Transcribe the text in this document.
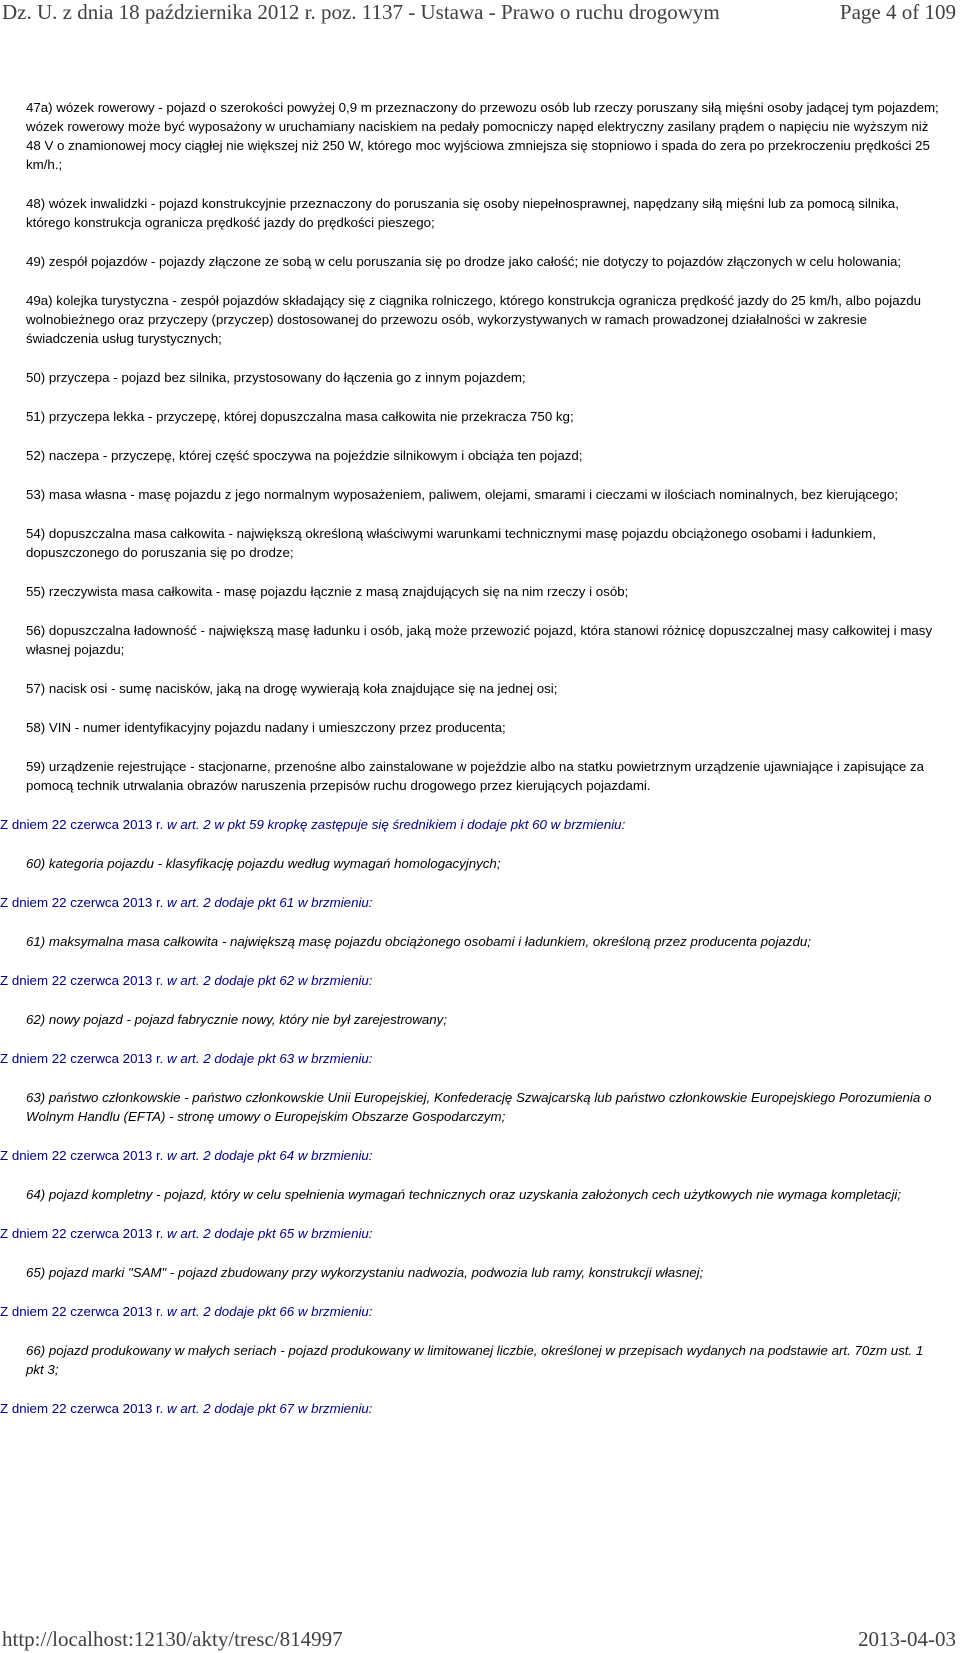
Dz. U. z dnia 18 października 2012 r. poz. 1137 - Ustawa - Prawo o ruchu drogowym	Page 4 of 109

47a) wózek rowerowy - pojazd o szerokości powyżej 0,9 m przeznaczony do przewozu osób lub rzeczy poruszany siłą mięśni osoby jadącej tym pojazdem; wózek rowerowy może być wyposażony w uruchamiany naciskiem na pedały pomocniczy napęd elektryczny zasilany prądem o napięciu nie wyższym niż 48 V o znamionowej mocy ciągłej nie większej niż 250 W, którego moc wyjściowa zmniejsza się stopniowo i spada do zera po przekroczeniu prędkości 25 km/h.;

48) wózek inwalidzki - pojazd konstrukcyjnie przeznaczony do poruszania się osoby niepełnosprawnej, napędzany siłą mięśni lub za pomocą silnika, którego konstrukcja ogranicza prędkość jazdy do prędkości pieszego;

49) zespół pojazdów - pojazdy złączone ze sobą w celu poruszania się po drodze jako całość; nie dotyczy to pojazdów złączonych w celu holowania;

49a) kolejka turystyczna - zespół pojazdów składający się z ciągnika rolniczego, którego konstrukcja ogranicza prędkość jazdy do 25 km/h, albo pojazdu wolnobieżnego oraz przyczepy (przyczep) dostosowanej do przewozu osób, wykorzystywanych w ramach prowadzonej działalności w zakresie świadczenia usług turystycznych;

50) przyczepa - pojazd bez silnika, przystosowany do łączenia go z innym pojazdem;

51) przyczepa lekka - przyczepę, której dopuszczalna masa całkowita nie przekracza 750 kg;

52) naczepa - przyczepę, której część spoczywa na pojeździe silnikowym i obciąża ten pojazd;

53) masa własna - masę pojazdu z jego normalnym wyposażeniem, paliwem, olejami, smarami i cieczami w ilościach nominalnych, bez kierującego;

54) dopuszczalna masa całkowita - największą określoną właściwymi warunkami technicznymi masę pojazdu obciążonego osobami i ładunkiem, dopuszczonego do poruszania się po drodze;

55) rzeczywista masa całkowita - masę pojazdu łącznie z masą znajdujących się na nim rzeczy i osób;

56) dopuszczalna ładowność - największą masę ładunku i osób, jaką może przewozić pojazd, która stanowi różnicę dopuszczalnej masy całkowitej i masy własnej pojazdu;

57) nacisk osi - sumę nacisków, jaką na drogę wywierają koła znajdujące się na jednej osi;

58) VIN - numer identyfikacyjny pojazdu nadany i umieszczony przez producenta;

59) urządzenie rejestrujące - stacjonarne, przenośne albo zainstalowane w pojeździe albo na statku powietrznym urządzenie ujawniające i zapisujące za pomocą technik utrwalania obrazów naruszenia przepisów ruchu drogowego przez kierujących pojazdami.

Z dniem 22 czerwca 2013 r. w art. 2 w pkt 59 kropkę zastępuje się średnikiem i dodaje pkt 60 w brzmieniu:

60) kategoria pojazdu - klasyfikację pojazdu według wymagań homologacyjnych;

Z dniem 22 czerwca 2013 r. w art. 2 dodaje pkt 61 w brzmieniu:

61) maksymalna masa całkowita - największą masę pojazdu obciążonego osobami i ładunkiem, określoną przez producenta pojazdu;

Z dniem 22 czerwca 2013 r. w art. 2 dodaje pkt 62 w brzmieniu:

62) nowy pojazd - pojazd fabrycznie nowy, który nie był zarejestrowany;

Z dniem 22 czerwca 2013 r. w art. 2 dodaje pkt 63 w brzmieniu:

63) państwo członkowskie - państwo członkowskie Unii Europejskiej, Konfederację Szwajcarską lub państwo członkowskie Europejskiego Porozumienia o Wolnym Handlu (EFTA) - stronę umowy o Europejskim Obszarze Gospodarczym;

Z dniem 22 czerwca 2013 r. w art. 2 dodaje pkt 64 w brzmieniu:

64) pojazd kompletny - pojazd, który w celu spełnienia wymagań technicznych oraz uzyskania założonych cech użytkowych nie wymaga kompletacji;

Z dniem 22 czerwca 2013 r. w art. 2 dodaje pkt 65 w brzmieniu:

65) pojazd marki "SAM" - pojazd zbudowany przy wykorzystaniu nadwozia, podwozia lub ramy, konstrukcji własnej;

Z dniem 22 czerwca 2013 r. w art. 2 dodaje pkt 66 w brzmieniu:

66) pojazd produkowany w małych seriach - pojazd produkowany w limitowanej liczbie, określonej w przepisach wydanych na podstawie art. 70zm ust. 1 pkt 3;

Z dniem 22 czerwca 2013 r. w art. 2 dodaje pkt 67 w brzmieniu:

http://localhost:12130/akty/tresc/814997	2013-04-03
